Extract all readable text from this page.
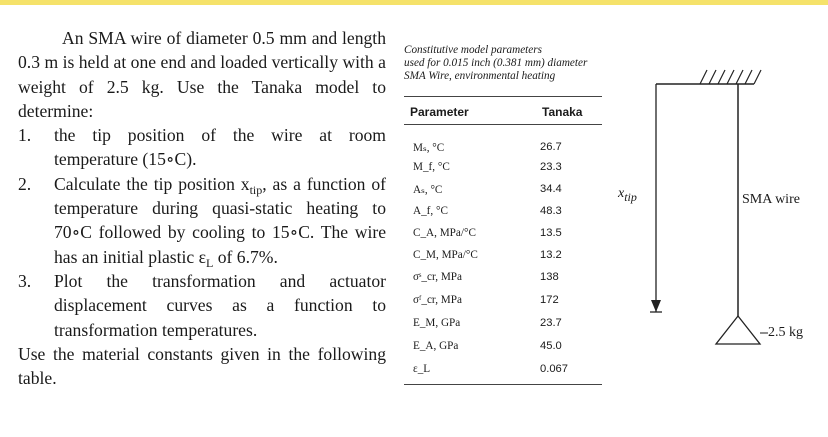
An SMA wire of diameter 0.5 mm and length 0.3 m is held at one end and loaded vertically with a weight of 2.5 kg. Use the Tanaka model to determine:

1. the tip position of the wire at room temperature (15∘C).
2. Calculate the tip position $x_{tip}$, as a function of temperature during quasi-static heating to 70∘C followed by cooling to 15∘C. The wire has an initial plastic $\varepsilon_L$ of 6.7%.
3. Plot the transformation and actuator displacement curves as a function to transformation temperatures.

Use the material constants given in the following table.

Constitutive model parameters
used for 0.015 inch (0.381 mm) diameter
SMA Wire, environmental heating
Parameter	Tanaka
Mₛ, °C	26.7
M_f, °C	23.3
Aₛ, °C	34.4
A_f, °C	48.3
C_A, MPa/°C	13.5
C_M, MPa/°C	13.2
σˢ_cr, MPa	138
σᶠ_cr, MPa	172
E_M, GPa	23.7
E_A, GPa	45.0
ε_L	0.067
$x_{tip}$	SMA wire
2.5 kg
